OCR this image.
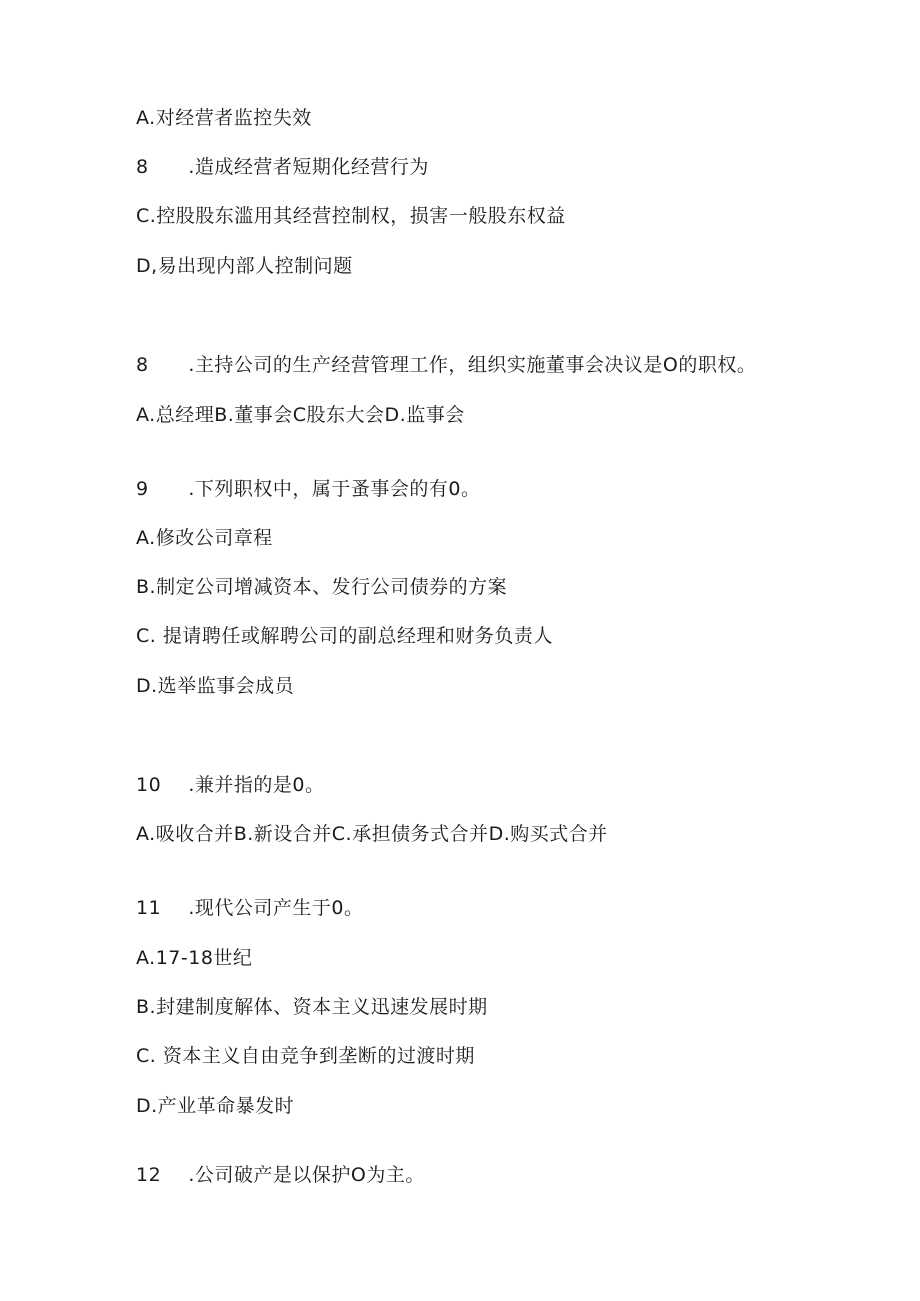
A.对经营者监控失效
8	.造成经营者短期化经营行为
C.控股股东滥用其经营控制权，损害一般股东权益
D,易出现内部人控制问题
8	.主持公司的生产经营管理工作，组织实施董事会决议是O的职权。
A.总经理B.董事会C股东大会D.监事会
9	.下列职权中，属于蚤事会的有0。
A.修改公司章程
B.制定公司增减资本、发行公司债券的方案
C. 提请聘任或解聘公司的副总经理和财务负责人
D.选举监事会成员
10	.兼并指的是0。
A.吸收合并B.新设合并C.承担债务式合并D.购买式合并
11	.现代公司产生于0。
A.17-18世纪
B.封建制度解体、资本主义迅速发展时期
C. 资本主义自由竞争到垄断的过渡时期
D.产业革命暴发时
12	.公司破产是以保护O为主。
